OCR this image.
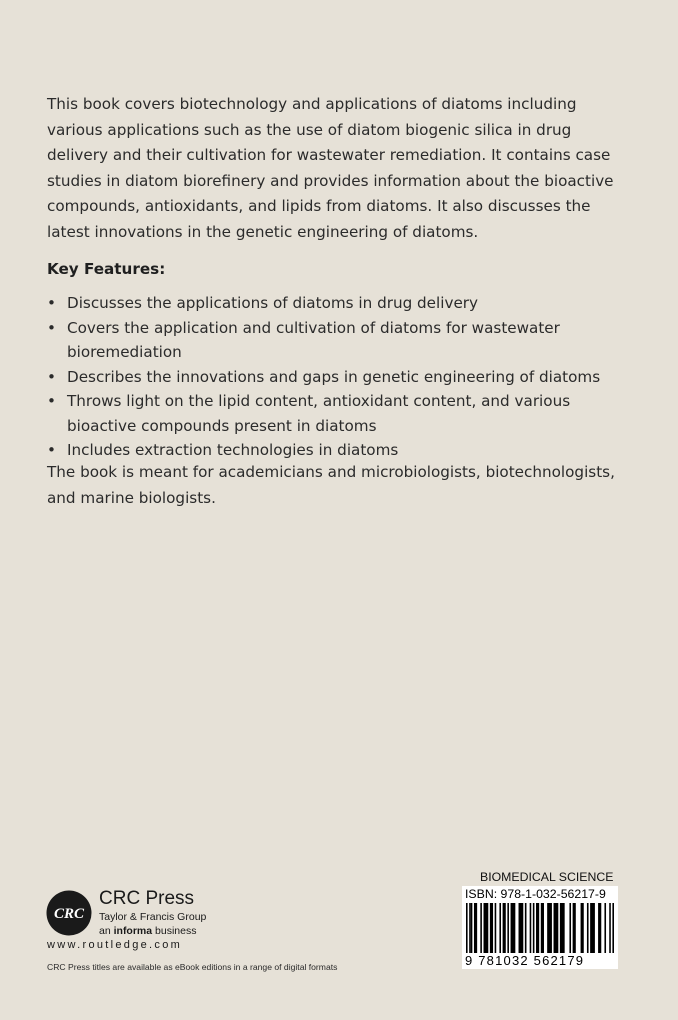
This book covers biotechnology and applications of diatoms including various applications such as the use of diatom biogenic silica in drug delivery and their cultivation for wastewater remediation. It contains case studies in diatom biorefinery and provides information about the bioactive compounds, antioxidants, and lipids from diatoms. It also discusses the latest innovations in the genetic engineering of diatoms.

Key Features:
• Discusses the applications of diatoms in drug delivery
• Covers the application and cultivation of diatoms for wastewater bioremediation
• Describes the innovations and gaps in genetic engineering of diatoms
• Throws light on the lipid content, antioxidant content, and various bioactive compounds present in diatoms
• Includes extraction technologies in diatoms

The book is meant for academicians and microbiologists, biotechnologists, and marine biologists.

CRC
CRC Press
Taylor & Francis Group
an informa business
www.routledge.com
CRC Press titles are available as eBook editions in a range of digital formats
BIOMEDICAL SCIENCE
ISBN: 978-1-032-56217-9
9 781032 562179
